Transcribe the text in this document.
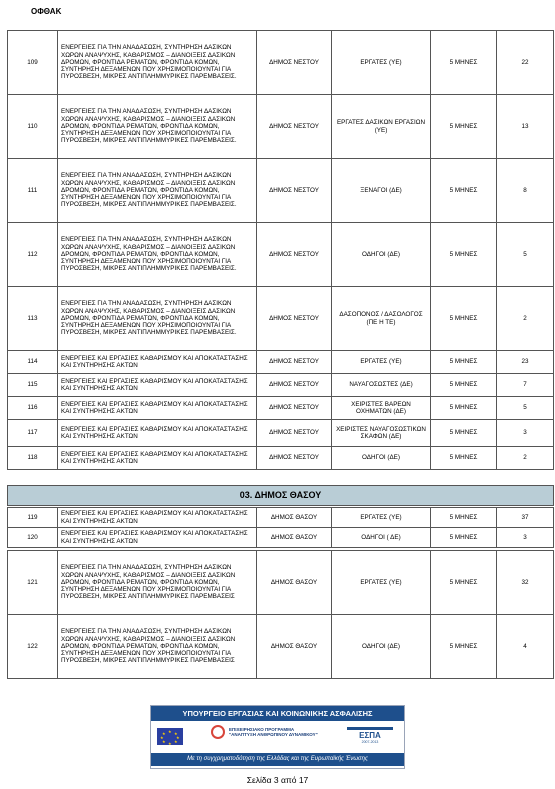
ΟΦΘΑΚ
109	ΕΝΕΡΓΕΙΕΣ ΓΙΑ ΤΗΝ ΑΝΑΔΑΣΩΣΗ, ΣΥΝΤΗΡΗΣΗ ΔΑΣΙΚΩΝ ΧΩΡΩΝ ΑΝΑΨΥΧΗΣ, ΚΑΘΑΡΙΣΜΟΣ – ΔΙΑΝΟΙΞΕΙΣ ΔΑΣΙΚΩΝ ΔΡΟΜΩΝ, ΦΡΟΝΤΙΔΑ ΡΕΜΑΤΩΝ, ΦΡΟΝΤΙΔΑ ΚΟΜΩΝ, ΣΥΝΤΗΡΗΣΗ ΔΕΞΑΜΕΝΩΝ ΠΟΥ ΧΡΗΣΙΜΟΠΟΙΟΥΝΤΑΙ ΓΙΑ ΠΥΡΟΣΒΕΣΗ, ΜΙΚΡΕΣ ΑΝΤΙΠΛΗΜΜΥΡΙΚΕΣ ΠΑΡΕΜΒΑΣΕΙΣ.	ΔΗΜΟΣ ΝΕΣΤΟΥ	ΕΡΓΑΤΕΣ (ΥΕ)	5 ΜΗΝΕΣ	22
110	ΕΝΕΡΓΕΙΕΣ ΓΙΑ ΤΗΝ ΑΝΑΔΑΣΩΣΗ, ΣΥΝΤΗΡΗΣΗ ΔΑΣΙΚΩΝ ΧΩΡΩΝ ΑΝΑΨΥΧΗΣ, ΚΑΘΑΡΙΣΜΟΣ – ΔΙΑΝΟΙΞΕΙΣ ΔΑΣΙΚΩΝ ΔΡΟΜΩΝ, ΦΡΟΝΤΙΔΑ ΡΕΜΑΤΩΝ, ΦΡΟΝΤΙΔΑ ΚΟΜΩΝ, ΣΥΝΤΗΡΗΣΗ ΔΕΞΑΜΕΝΩΝ ΠΟΥ ΧΡΗΣΙΜΟΠΟΙΟΥΝΤΑΙ ΓΙΑ ΠΥΡΟΣΒΕΣΗ, ΜΙΚΡΕΣ ΑΝΤΙΠΛΗΜΜΥΡΙΚΕΣ ΠΑΡΕΜΒΑΣΕΙΣ.	ΔΗΜΟΣ ΝΕΣΤΟΥ	ΕΡΓΑΤΕΣ ΔΑΣΙΚΩΝ ΕΡΓΑΣΙΩΝ (ΥΕ)	5 ΜΗΝΕΣ	13
111	ΕΝΕΡΓΕΙΕΣ ΓΙΑ ΤΗΝ ΑΝΑΔΑΣΩΣΗ, ΣΥΝΤΗΡΗΣΗ ΔΑΣΙΚΩΝ ΧΩΡΩΝ ΑΝΑΨΥΧΗΣ, ΚΑΘΑΡΙΣΜΟΣ – ΔΙΑΝΟΙΞΕΙΣ ΔΑΣΙΚΩΝ ΔΡΟΜΩΝ, ΦΡΟΝΤΙΔΑ ΡΕΜΑΤΩΝ, ΦΡΟΝΤΙΔΑ ΚΟΜΩΝ, ΣΥΝΤΗΡΗΣΗ ΔΕΞΑΜΕΝΩΝ ΠΟΥ ΧΡΗΣΙΜΟΠΟΙΟΥΝΤΑΙ ΓΙΑ ΠΥΡΟΣΒΕΣΗ, ΜΙΚΡΕΣ ΑΝΤΙΠΛΗΜΜΥΡΙΚΕΣ ΠΑΡΕΜΒΑΣΕΙΣ.	ΔΗΜΟΣ ΝΕΣΤΟΥ	ΞΕΝΑΓΟΙ (ΔΕ)	5 ΜΗΝΕΣ	8
112	ΕΝΕΡΓΕΙΕΣ ΓΙΑ ΤΗΝ ΑΝΑΔΑΣΩΣΗ, ΣΥΝΤΗΡΗΣΗ ΔΑΣΙΚΩΝ ΧΩΡΩΝ ΑΝΑΨΥΧΗΣ, ΚΑΘΑΡΙΣΜΟΣ – ΔΙΑΝΟΙΞΕΙΣ ΔΑΣΙΚΩΝ ΔΡΟΜΩΝ, ΦΡΟΝΤΙΔΑ ΡΕΜΑΤΩΝ, ΦΡΟΝΤΙΔΑ ΚΟΜΩΝ, ΣΥΝΤΗΡΗΣΗ ΔΕΞΑΜΕΝΩΝ ΠΟΥ ΧΡΗΣΙΜΟΠΟΙΟΥΝΤΑΙ ΓΙΑ ΠΥΡΟΣΒΕΣΗ, ΜΙΚΡΕΣ ΑΝΤΙΠΛΗΜΜΥΡΙΚΕΣ ΠΑΡΕΜΒΑΣΕΙΣ.	ΔΗΜΟΣ ΝΕΣΤΟΥ	ΟΔΗΓΟΙ (ΔΕ)	5 ΜΗΝΕΣ	5
113	ΕΝΕΡΓΕΙΕΣ ΓΙΑ ΤΗΝ ΑΝΑΔΑΣΩΣΗ, ΣΥΝΤΗΡΗΣΗ ΔΑΣΙΚΩΝ ΧΩΡΩΝ ΑΝΑΨΥΧΗΣ, ΚΑΘΑΡΙΣΜΟΣ – ΔΙΑΝΟΙΞΕΙΣ ΔΑΣΙΚΩΝ ΔΡΟΜΩΝ, ΦΡΟΝΤΙΔΑ ΡΕΜΑΤΩΝ, ΦΡΟΝΤΙΔΑ ΚΟΜΩΝ, ΣΥΝΤΗΡΗΣΗ ΔΕΞΑΜΕΝΩΝ ΠΟΥ ΧΡΗΣΙΜΟΠΟΙΟΥΝΤΑΙ ΓΙΑ ΠΥΡΟΣΒΕΣΗ, ΜΙΚΡΕΣ ΑΝΤΙΠΛΗΜΜΥΡΙΚΕΣ ΠΑΡΕΜΒΑΣΕΙΣ.	ΔΗΜΟΣ ΝΕΣΤΟΥ	ΔΑΣΟΠΟΝΟΣ / ΔΑΣΟΛΟΓΟΣ (ΠΕ Η ΤΕ)	5 ΜΗΝΕΣ	2
114	ΕΝΕΡΓΕΙΕΣ ΚΑΙ ΕΡΓΑΣΙΕΣ ΚΑΘΑΡΙΣΜΟΥ ΚΑΙ ΑΠΟΚΑΤΑΣΤΑΣΗΣ ΚΑΙ ΣΥΝΤΗΡΗΣΗΣ ΑΚΤΩΝ	ΔΗΜΟΣ ΝΕΣΤΟΥ	ΕΡΓΑΤΕΣ (ΥΕ)	5 ΜΗΝΕΣ	23
115	ΕΝΕΡΓΕΙΕΣ ΚΑΙ ΕΡΓΑΣΙΕΣ ΚΑΘΑΡΙΣΜΟΥ ΚΑΙ ΑΠΟΚΑΤΑΣΤΑΣΗΣ ΚΑΙ ΣΥΝΤΗΡΗΣΗΣ ΑΚΤΩΝ	ΔΗΜΟΣ ΝΕΣΤΟΥ	ΝΑΥΑΓΟΣΩΣΤΕΣ (ΔΕ)	5 ΜΗΝΕΣ	7
116	ΕΝΕΡΓΕΙΕΣ ΚΑΙ ΕΡΓΑΣΙΕΣ ΚΑΘΑΡΙΣΜΟΥ ΚΑΙ ΑΠΟΚΑΤΑΣΤΑΣΗΣ ΚΑΙ ΣΥΝΤΗΡΗΣΗΣ ΑΚΤΩΝ	ΔΗΜΟΣ ΝΕΣΤΟΥ	ΧΕΙΡΙΣΤΕΣ ΒΑΡΕΩΝ ΟΧΗΜΑΤΩΝ (ΔΕ)	5 ΜΗΝΕΣ	5
117	ΕΝΕΡΓΕΙΕΣ ΚΑΙ ΕΡΓΑΣΙΕΣ ΚΑΘΑΡΙΣΜΟΥ ΚΑΙ ΑΠΟΚΑΤΑΣΤΑΣΗΣ ΚΑΙ ΣΥΝΤΗΡΗΣΗΣ ΑΚΤΩΝ	ΔΗΜΟΣ ΝΕΣΤΟΥ	ΧΕΙΡΙΣΤΕΣ ΝΑΥΑΓΟΣΩΣΤΙΚΩΝ ΣΚΑΦΩΝ (ΔΕ)	5 ΜΗΝΕΣ	3
118	ΕΝΕΡΓΕΙΕΣ ΚΑΙ ΕΡΓΑΣΙΕΣ ΚΑΘΑΡΙΣΜΟΥ ΚΑΙ ΑΠΟΚΑΤΑΣΤΑΣΗΣ ΚΑΙ ΣΥΝΤΗΡΗΣΗΣ ΑΚΤΩΝ	ΔΗΜΟΣ ΝΕΣΤΟΥ	ΟΔΗΓΟΙ (ΔΕ)	5 ΜΗΝΕΣ	2
03. ΔΗΜΟΣ ΘΑΣΟΥ
119	ΕΝΕΡΓΕΙΕΣ ΚΑΙ ΕΡΓΑΣΙΕΣ ΚΑΘΑΡΙΣΜΟΥ ΚΑΙ ΑΠΟΚΑΤΑΣΤΑΣΗΣ ΚΑΙ ΣΥΝΤΗΡΗΣΗΣ ΑΚΤΩΝ	ΔΗΜΟΣ ΘΑΣΟΥ	ΕΡΓΑΤΕΣ (ΥΕ)	5 ΜΗΝΕΣ	37
120	ΕΝΕΡΓΕΙΕΣ ΚΑΙ ΕΡΓΑΣΙΕΣ ΚΑΘΑΡΙΣΜΟΥ ΚΑΙ ΑΠΟΚΑΤΑΣΤΑΣΗΣ ΚΑΙ ΣΥΝΤΗΡΗΣΗΣ ΑΚΤΩΝ	ΔΗΜΟΣ ΘΑΣΟΥ	ΟΔΗΓΟΙ ( ΔΕ)	5 ΜΗΝΕΣ	3
121	ΕΝΕΡΓΕΙΕΣ ΓΙΑ ΤΗΝ ΑΝΑΔΑΣΩΣΗ, ΣΥΝΤΗΡΗΣΗ ΔΑΣΙΚΩΝ ΧΩΡΩΝ ΑΝΑΨΥΧΗΣ, ΚΑΘΑΡΙΣΜΟΣ – ΔΙΑΝΟΙΞΕΙΣ ΔΑΣΙΚΩΝ ΔΡΟΜΩΝ, ΦΡΟΝΤΙΔΑ ΡΕΜΑΤΩΝ, ΦΡΟΝΤΙΔΑ ΚΟΜΩΝ, ΣΥΝΤΗΡΗΣΗ ΔΕΞΑΜΕΝΩΝ ΠΟΥ ΧΡΗΣΙΜΟΠΟΙΟΥΝΤΑΙ ΓΙΑ ΠΥΡΟΣΒΕΣΗ, ΜΙΚΡΕΣ ΑΝΤΙΠΛΗΜΜΥΡΙΚΕΣ ΠΑΡΕΜΒΑΣΕΙΣ	ΔΗΜΟΣ ΘΑΣΟΥ	ΕΡΓΑΤΕΣ (ΥΕ)	5 ΜΗΝΕΣ	32
122	ΕΝΕΡΓΕΙΕΣ ΓΙΑ ΤΗΝ ΑΝΑΔΑΣΩΣΗ, ΣΥΝΤΗΡΗΣΗ ΔΑΣΙΚΩΝ ΧΩΡΩΝ ΑΝΑΨΥΧΗΣ, ΚΑΘΑΡΙΣΜΟΣ – ΔΙΑΝΟΙΞΕΙΣ ΔΑΣΙΚΩΝ ΔΡΟΜΩΝ, ΦΡΟΝΤΙΔΑ ΡΕΜΑΤΩΝ, ΦΡΟΝΤΙΔΑ ΚΟΜΩΝ, ΣΥΝΤΗΡΗΣΗ ΔΕΞΑΜΕΝΩΝ ΠΟΥ ΧΡΗΣΙΜΟΠΟΙΟΥΝΤΑΙ ΓΙΑ ΠΥΡΟΣΒΕΣΗ, ΜΙΚΡΕΣ ΑΝΤΙΠΛΗΜΜΥΡΙΚΕΣ ΠΑΡΕΜΒΑΣΕΙΣ	ΔΗΜΟΣ ΘΑΣΟΥ	ΟΔΗΓΟΙ (ΔΕ)	5 ΜΗΝΕΣ	4
ΥΠΟΥΡΓΕΙΟ ΕΡΓΑΣΙΑΣ ΚΑΙ ΚΟΙΝΩΝΙΚΗΣ ΑΣΦΑΛΙΣΗΣ
★
★ ★
★	★
★ ★
★
ΕΠΙΧΕΙΡΗΣΙΑΚΟ ΠΡΟΓΡΑΜΜΑ "ΑΝΑΠΤΥΞΗ ΑΝΘΡΩΠΙΝΟΥ ΔΥΝΑΜΙΚΟΥ"	ΕΣΠΑ
2007-2013
Με τη συγχρηματοδότηση της Ελλάδας και της Ευρωπαϊκής Ένωσης
Σελίδα 3 από 17
